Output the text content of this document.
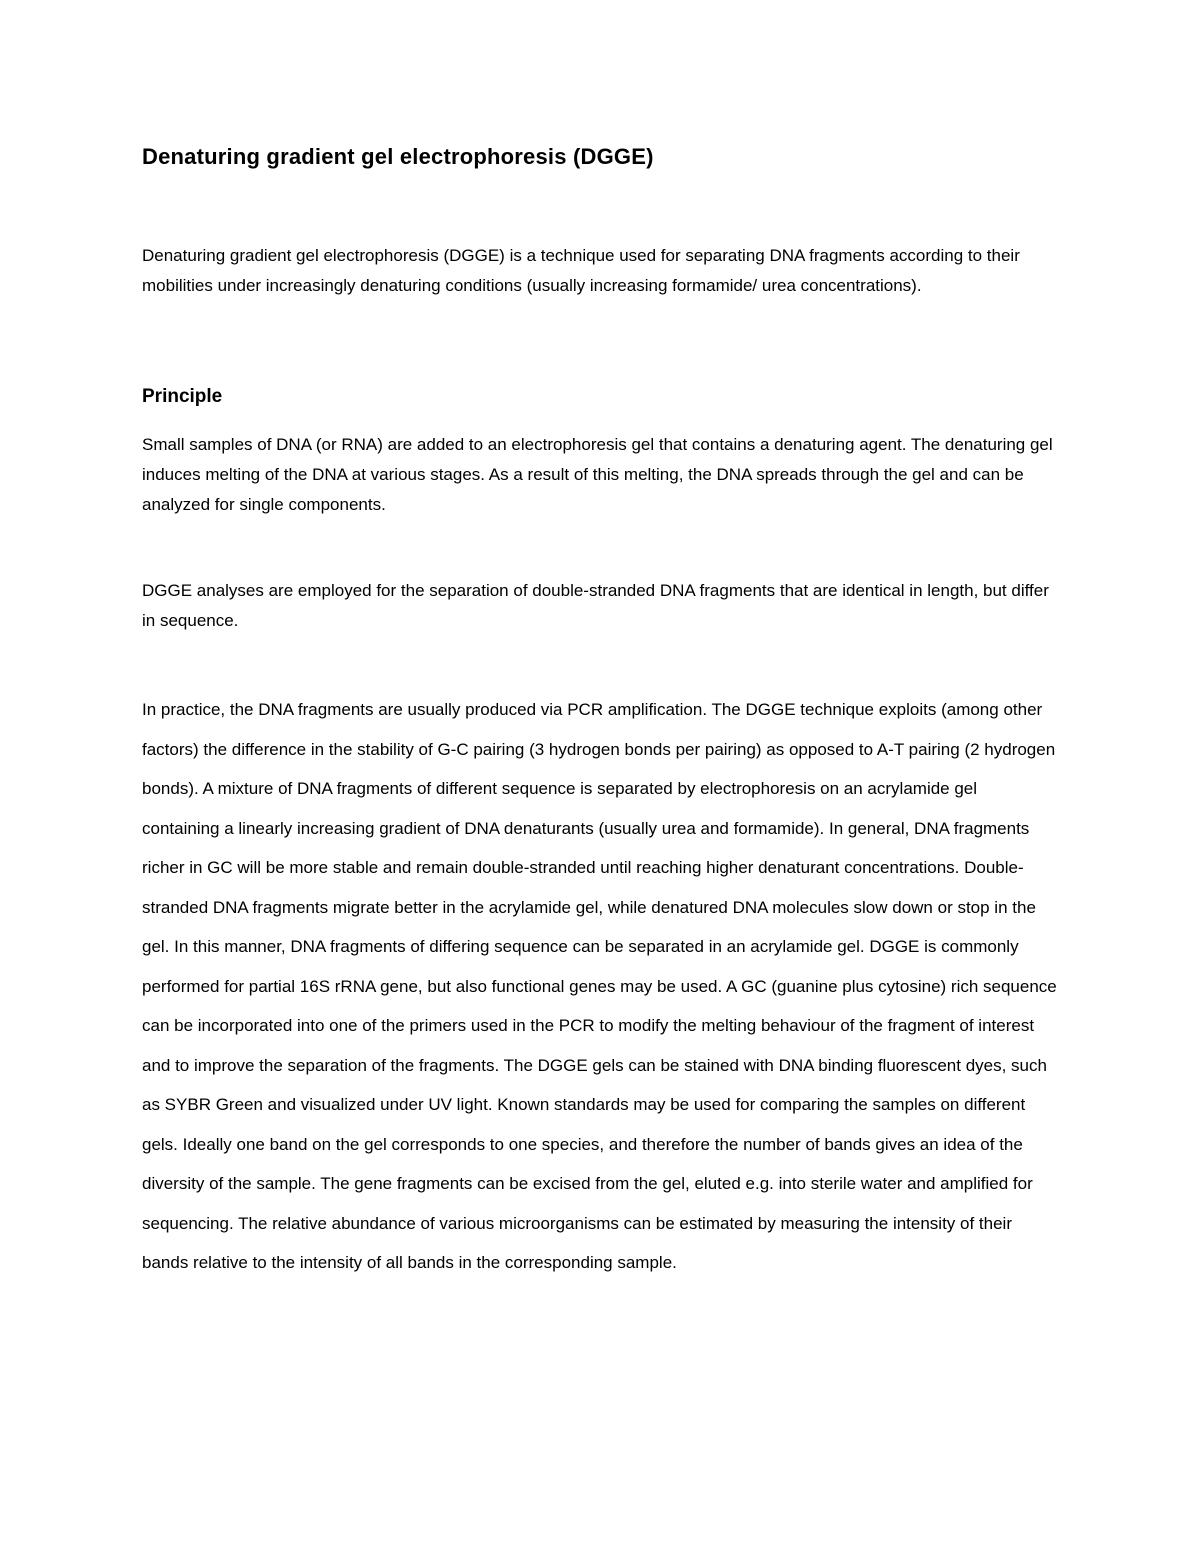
Denaturing gradient gel electrophoresis (DGGE)

Denaturing gradient gel electrophoresis (DGGE) is a technique used for separating DNA fragments according to their mobilities under increasingly denaturing conditions (usually increasing formamide/ urea concentrations).

Principle

Small samples of DNA (or RNA) are added to an electrophoresis gel that contains a denaturing agent. The denaturing gel induces melting of the DNA at various stages. As a result of this melting, the DNA spreads through the gel and can be analyzed for single components.

DGGE analyses are employed for the separation of double-stranded DNA fragments that are identical in length, but differ in sequence.

In practice, the DNA fragments are usually produced via PCR amplification. The DGGE technique exploits (among other factors) the difference in the stability of G-C pairing (3 hydrogen bonds per pairing) as opposed to A-T pairing (2 hydrogen bonds). A mixture of DNA fragments of different sequence is separated by electrophoresis on an acrylamide gel containing a linearly increasing gradient of DNA denaturants (usually urea and formamide). In general, DNA fragments richer in GC will be more stable and remain double-stranded until reaching higher denaturant concentrations. Double-stranded DNA fragments migrate better in the acrylamide gel, while denatured DNA molecules slow down or stop in the gel. In this manner, DNA fragments of differing sequence can be separated in an acrylamide gel. DGGE is commonly performed for partial 16S rRNA gene, but also functional genes may be used. A GC (guanine plus cytosine) rich sequence can be incorporated into one of the primers used in the PCR to modify the melting behaviour of the fragment of interest and to improve the separation of the fragments. The DGGE gels can be stained with DNA binding fluorescent dyes, such as SYBR Green and visualized under UV light. Known standards may be used for comparing the samples on different gels. Ideally one band on the gel corresponds to one species, and therefore the number of bands gives an idea of the diversity of the sample. The gene fragments can be excised from the gel, eluted e.g. into sterile water and amplified for sequencing. The relative abundance of various microorganisms can be estimated by measuring the intensity of their bands relative to the intensity of all bands in the corresponding sample.
